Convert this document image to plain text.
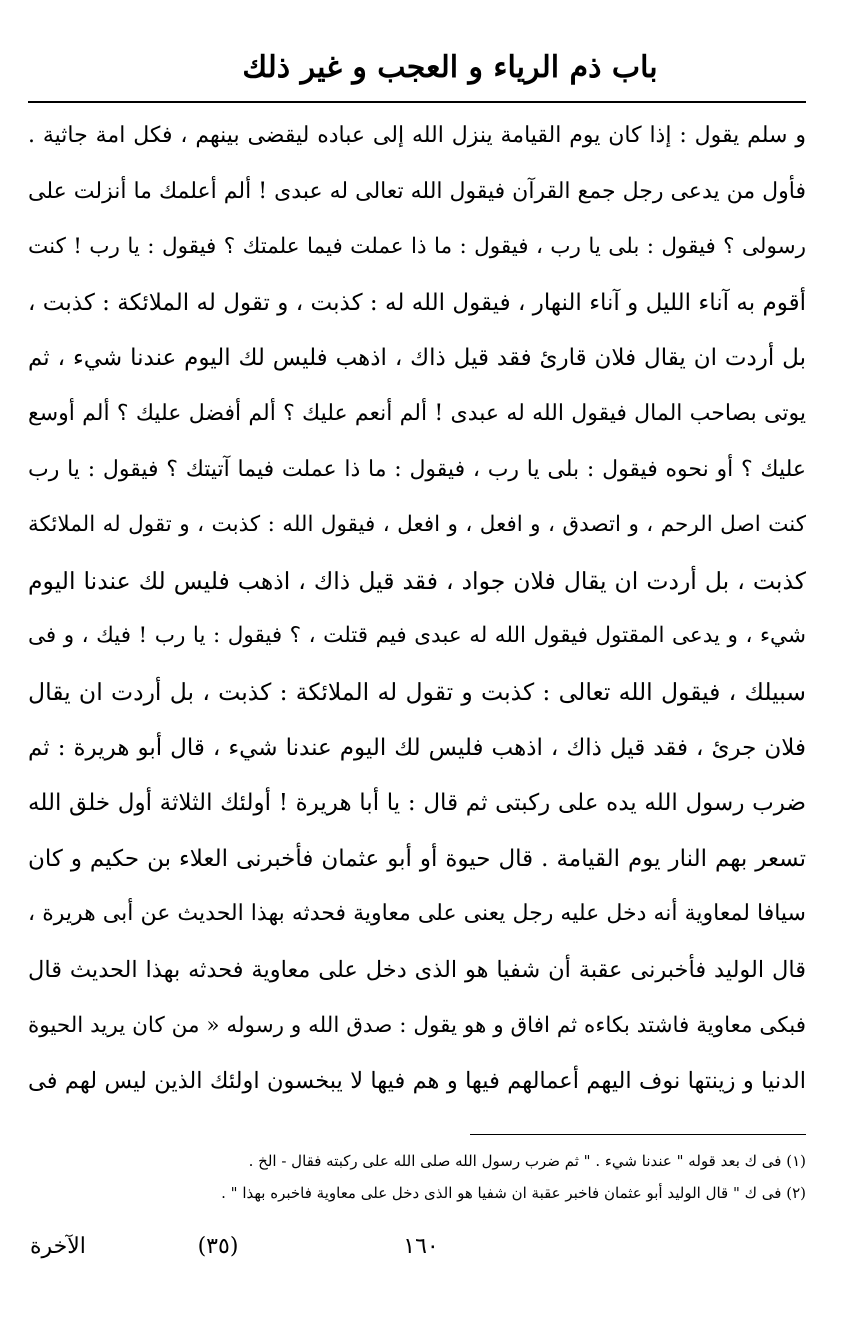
باب ذم الرياء و العجب و غير ذلك
و سلم يقول : إذا كان يوم القيامة ينزل الله إلى عباده ليقضى بينهم ، فكل امة جاثية .
فأول من يدعى رجل جمع القرآن فيقول الله تعالى له عبدى ! ألم أعلمك ما أنزلت على
رسولى ؟ فيقول : بلى يا رب ، فيقول : ما ذا عملت فيما علمتك ؟ فيقول : يا رب ! كنت
أقوم به آناء الليل و آناء النهار ، فيقول الله له : كذبت ، و تقول له الملائكة : كذبت ،
بل أردت ان يقال فلان قارئ فقد قيل ذاك ، اذهب فليس لك اليوم عندنا شيء ، ثم
يوتى بصاحب المال فيقول الله له عبدى ! ألم أنعم عليك ؟ ألم أفضل عليك ؟ ألم أوسع
عليك ؟ أو نحوه فيقول : بلى يا رب ، فيقول : ما ذا عملت فيما آتيتك ؟ فيقول : يا رب
كنت اصل الرحم ، و اتصدق ، و افعل ، و افعل ، فيقول الله : كذبت ، و تقول له الملائكة
كذبت ، بل أردت ان يقال فلان جواد ، فقد قيل ذاك ، اذهب فليس لك عندنا اليوم
شيء ، و يدعى المقتول فيقول الله له عبدى فيم قتلت ، ؟ فيقول : يا رب ! فيك ، و فى
سبيلك ، فيقول الله تعالى : كذبت و تقول له الملائكة : كذبت ، بل أردت ان يقال
فلان جرئ ، فقد قيل ذاك ، اذهب فليس لك اليوم عندنا شيء ، قال أبو هريرة : ثم
ضرب رسول الله يده على ركبتى ثم قال : يا أبا هريرة ! أولئك الثلاثة أول خلق الله
تسعر بهم النار يوم القيامة . قال حيوة أو أبو عثمان فأخبرنى العلاء بن حكيم و كان
سيافا لمعاوية أنه دخل عليه رجل يعنى على معاوية فحدثه بهذا الحديث عن أبى هريرة ،
قال الوليد فأخبرنى عقبة أن شفيا هو الذى دخل على معاوية فحدثه بهذا الحديث قال
فبكى معاوية فاشتد بكاءه ثم افاق و هو يقول : صدق الله و رسوله « من كان يريد الحيوة
الدنيا و زينتها نوف اليهم أعمالهم فيها و هم فيها لا يبخسون اولئك الذين ليس لهم فى
(١) فى ك بعد قوله " عندنا شيء . " ثم ضرب رسول الله صلى الله على ركبته فقال - الخ .
(٢) فى ك " قال الوليد أبو عثمان فاخبر عقبة ان شفيا هو الذى دخل على معاوية فاخبره بهذا " .
١٦٠
(٣٥)
الآخرة
